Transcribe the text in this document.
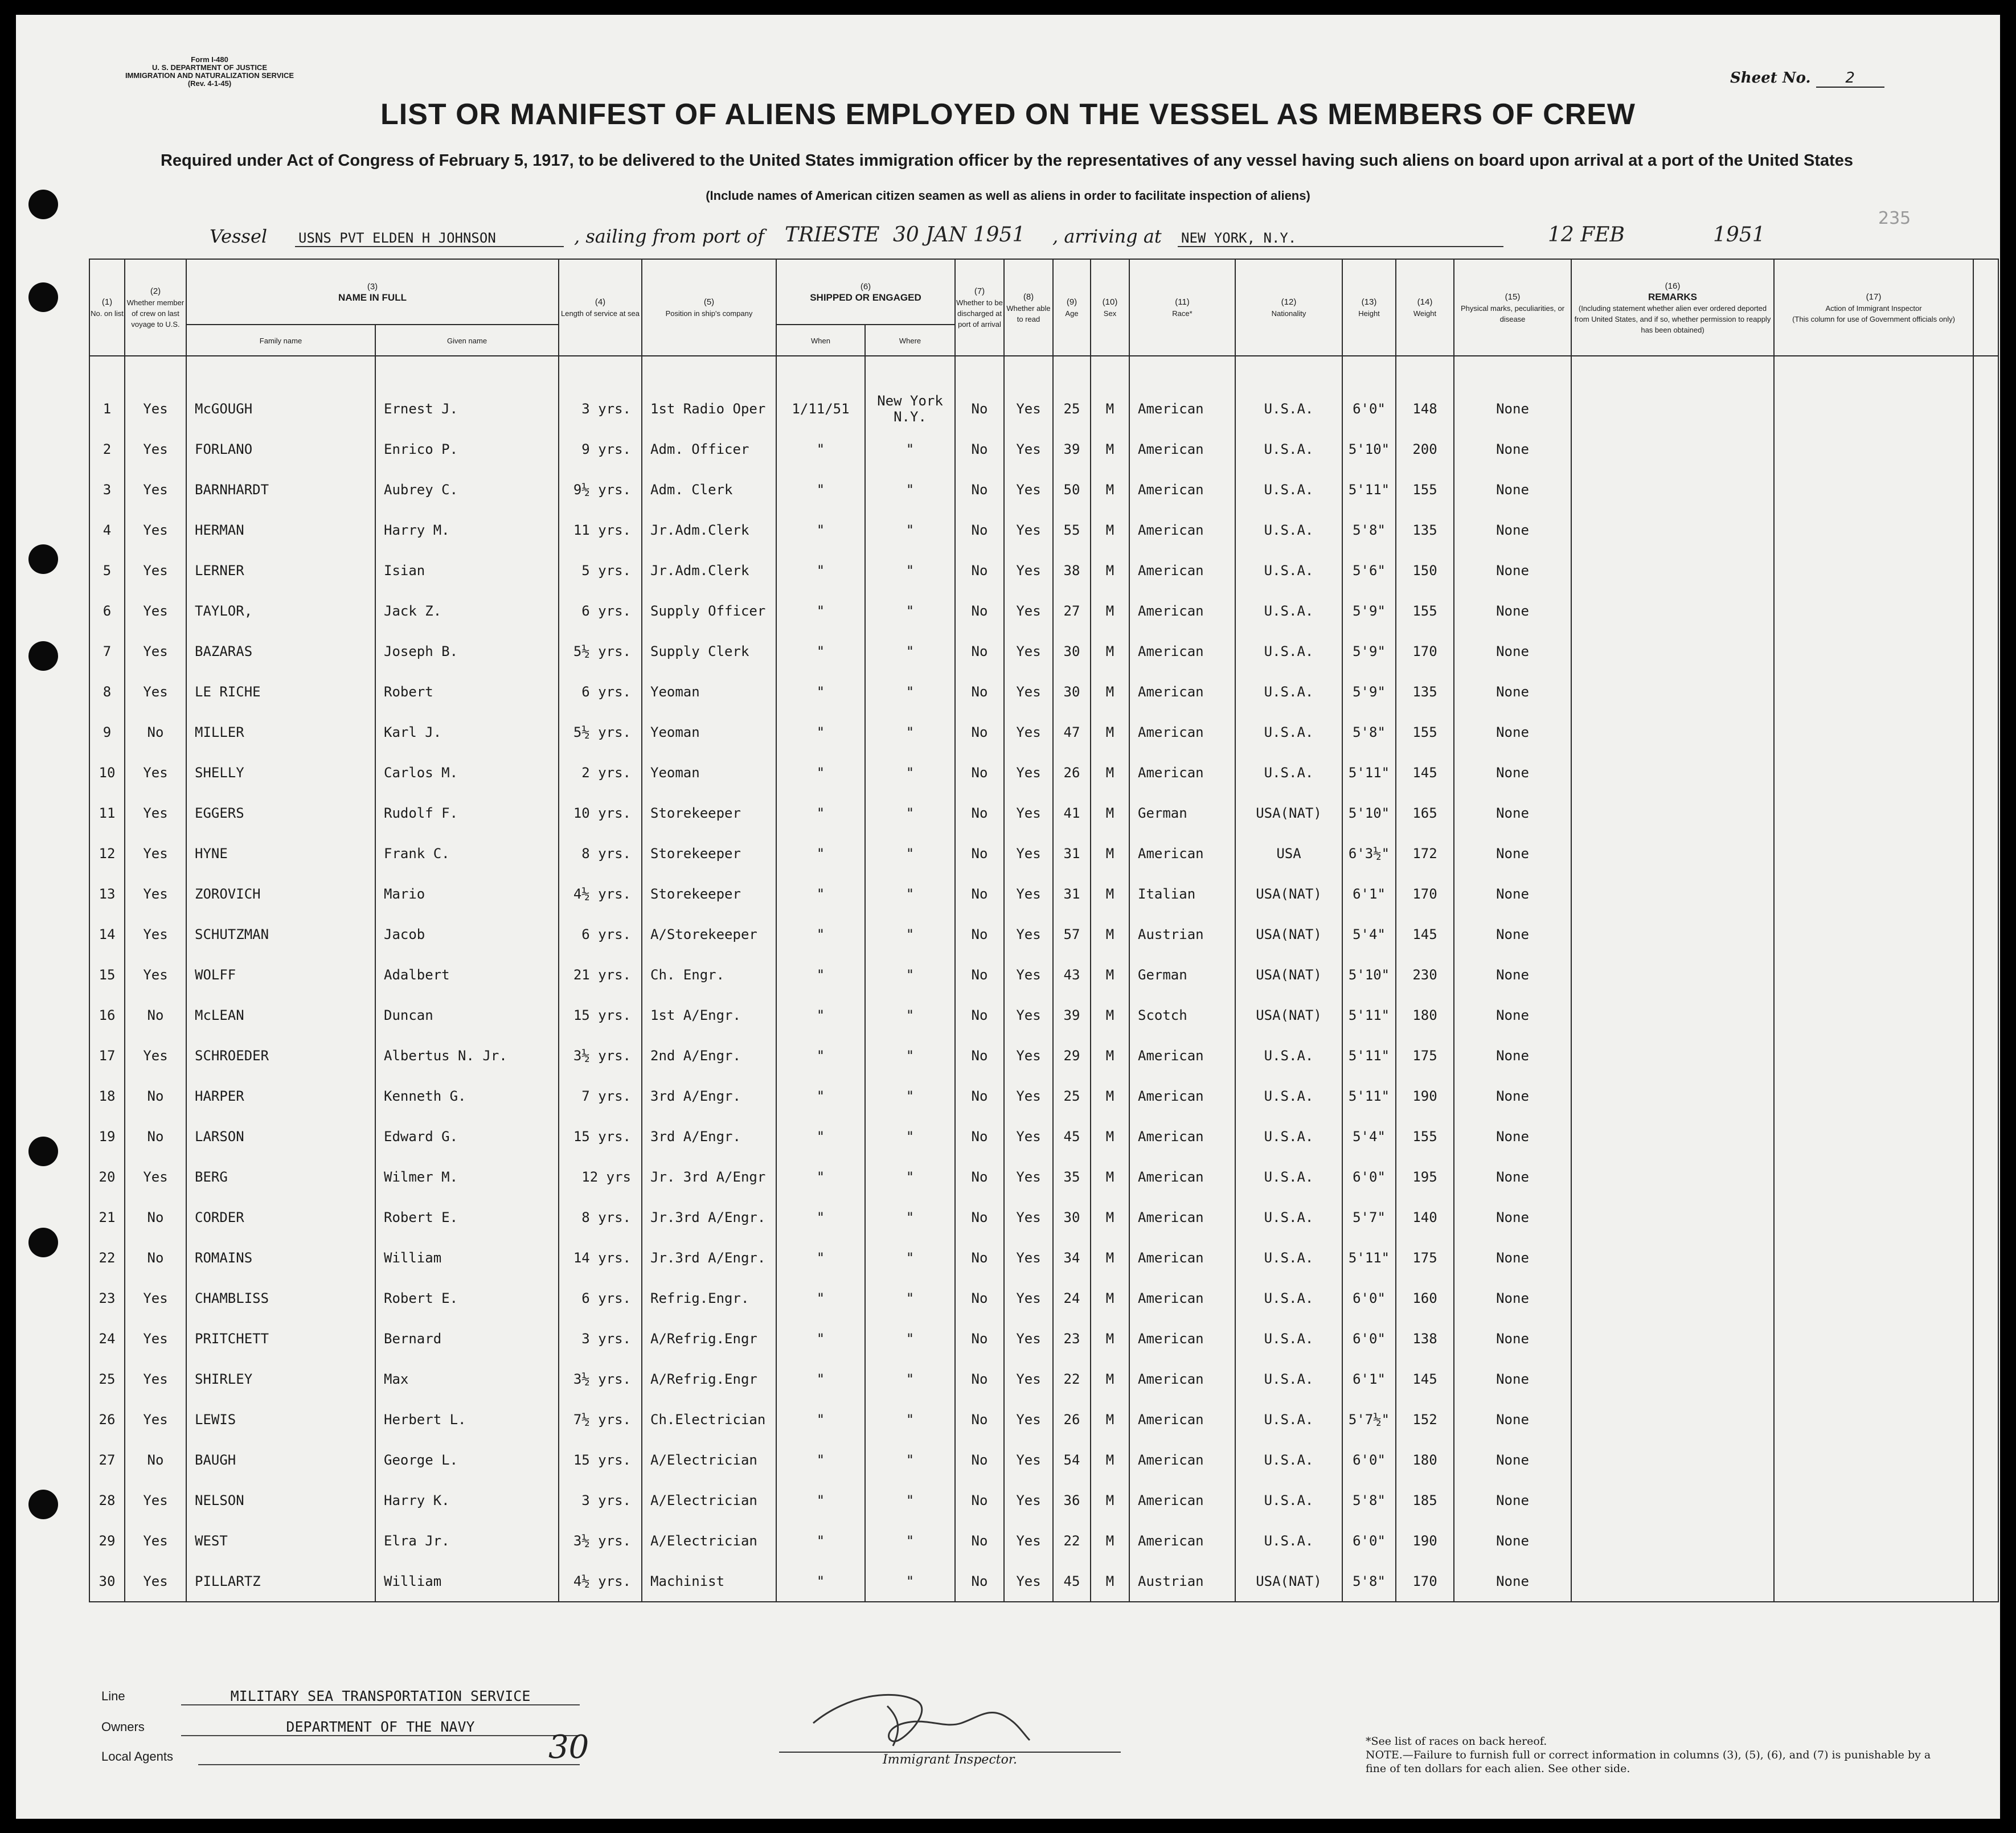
Form I-480
U. S. DEPARTMENT OF JUSTICE
IMMIGRATION AND NATURALIZATION SERVICE
(Rev. 4-1-45)	Sheet No. 2
LIST OR MANIFEST OF ALIENS EMPLOYED ON THE VESSEL AS MEMBERS OF CREW
Required under Act of Congress of February 5, 1917, to be delivered to the United States immigration officer by the representatives of any vessel having such aliens on board upon arrival at a port of the United States
(Include names of American citizen seamen as well as aliens in order to facilitate inspection of aliens)
235
Vessel USNS PVT ELDEN H JOHNSON	, sailing from port of TRIESTE 30 JAN 1951 , arriving at NEW YORK, N.Y.	12 FEB	1951
(1)
No. on list	(2)
Whether member of crew on last voyage to U.S.	(3)
NAME IN FULL		(4)
Length of service at sea	(5)
Position in ship's company	(6)
SHIPPED OR ENGAGED		(7)
Whether to be discharged at port of arrival	(8)
Whether able to read	(9)
Age	(10)
Sex	(11)
Race*	(12)
Nationality	(13)
Height	(14)
Weight	(15)
Physical marks, peculiarities, or disease	(16)
REMARKS
(Including statement whether alien ever ordered deported from United States, and if so, whether permission to reapply has been obtained)	(17)
Action of Immigrant Inspector
(This column for use of Government officials only)	
		Family name	Given name			When	Where												

1	Yes	McGOUGH	Ernest J.	3 yrs.	1st Radio Oper	1/11/51	New York N.Y.	No	Yes	25	M	American	U.S.A.	6'0"	148	None			
2	Yes	FORLANO	Enrico P.	9 yrs.	Adm. Officer	"	"	No	Yes	39	M	American	U.S.A.	5'10"	200	None			
3	Yes	BARNHARDT	Aubrey C.	9½ yrs.	Adm. Clerk	"	"	No	Yes	50	M	American	U.S.A.	5'11"	155	None			
4	Yes	HERMAN	Harry M.	11 yrs.	Jr.Adm.Clerk	"	"	No	Yes	55	M	American	U.S.A.	5'8"	135	None			
5	Yes	LERNER	Isian	5 yrs.	Jr.Adm.Clerk	"	"	No	Yes	38	M	American	U.S.A.	5'6"	150	None			
6	Yes	TAYLOR,	Jack Z.	6 yrs.	Supply Officer	"	"	No	Yes	27	M	American	U.S.A.	5'9"	155	None			
7	Yes	BAZARAS	Joseph B.	5½ yrs.	Supply Clerk	"	"	No	Yes	30	M	American	U.S.A.	5'9"	170	None			
8	Yes	LE RICHE	Robert	6 yrs.	Yeoman	"	"	No	Yes	30	M	American	U.S.A.	5'9"	135	None			
9	No	MILLER	Karl J.	5½ yrs.	Yeoman	"	"	No	Yes	47	M	American	U.S.A.	5'8"	155	None			
10	Yes	SHELLY	Carlos M.	2 yrs.	Yeoman	"	"	No	Yes	26	M	American	U.S.A.	5'11"	145	None			
11	Yes	EGGERS	Rudolf F.	10 yrs.	Storekeeper	"	"	No	Yes	41	M	German	USA(NAT)	5'10"	165	None			
12	Yes	HYNE	Frank C.	8 yrs.	Storekeeper	"	"	No	Yes	31	M	American	USA	6'3½"	172	None			
13	Yes	ZOROVICH	Mario	4½ yrs.	Storekeeper	"	"	No	Yes	31	M	Italian	USA(NAT)	6'1"	170	None			
14	Yes	SCHUTZMAN	Jacob	6 yrs.	A/Storekeeper	"	"	No	Yes	57	M	Austrian	USA(NAT)	5'4"	145	None			
15	Yes	WOLFF	Adalbert	21 yrs.	Ch. Engr.	"	"	No	Yes	43	M	German	USA(NAT)	5'10"	230	None			
16	No	McLEAN	Duncan	15 yrs.	1st A/Engr.	"	"	No	Yes	39	M	Scotch	USA(NAT)	5'11"	180	None			
17	Yes	SCHROEDER	Albertus N. Jr.	3½ yrs.	2nd A/Engr.	"	"	No	Yes	29	M	American	U.S.A.	5'11"	175	None			
18	No	HARPER	Kenneth G.	7 yrs.	3rd A/Engr.	"	"	No	Yes	25	M	American	U.S.A.	5'11"	190	None			
19	No	LARSON	Edward G.	15 yrs.	3rd A/Engr.	"	"	No	Yes	45	M	American	U.S.A.	5'4"	155	None			
20	Yes	BERG	Wilmer M.	12 yrs	Jr. 3rd A/Engr	"	"	No	Yes	35	M	American	U.S.A.	6'0"	195	None			
21	No	CORDER	Robert E.	8 yrs.	Jr.3rd A/Engr.	"	"	No	Yes	30	M	American	U.S.A.	5'7"	140	None			
22	No	ROMAINS	William	14 yrs.	Jr.3rd A/Engr.	"	"	No	Yes	34	M	American	U.S.A.	5'11"	175	None			
23	Yes	CHAMBLISS	Robert E.	6 yrs.	Refrig.Engr.	"	"	No	Yes	24	M	American	U.S.A.	6'0"	160	None			
24	Yes	PRITCHETT	Bernard	3 yrs.	A/Refrig.Engr	"	"	No	Yes	23	M	American	U.S.A.	6'0"	138	None			
25	Yes	SHIRLEY	Max	3½ yrs.	A/Refrig.Engr	"	"	No	Yes	22	M	American	U.S.A.	6'1"	145	None			
26	Yes	LEWIS	Herbert L.	7½ yrs.	Ch.Electrician	"	"	No	Yes	26	M	American	U.S.A.	5'7½"	152	None			
27	No	BAUGH	George L.	15 yrs.	A/Electrician	"	"	No	Yes	54	M	American	U.S.A.	6'0"	180	None			
28	Yes	NELSON	Harry K.	3 yrs.	A/Electrician	"	"	No	Yes	36	M	American	U.S.A.	5'8"	185	None			
29	Yes	WEST	Elra Jr.	3½ yrs.	A/Electrician	"	"	No	Yes	22	M	American	U.S.A.	6'0"	190	None			
30	Yes	PILLARTZ	William	4½ yrs.	Machinist	"	"	No	Yes	45	M	Austrian	USA(NAT)	5'8"	170	None			
Line	MILITARY SEA TRANSPORTATION SERVICE
Owners	DEPARTMENT OF THE NAVY
Local Agents	30	Immigrant Inspector.
*See list of races on back hereof.
NOTE.—Failure to furnish full or correct information in columns (3), (5), (6), and (7) is punishable by a fine of ten dollars for each alien. See other side.
